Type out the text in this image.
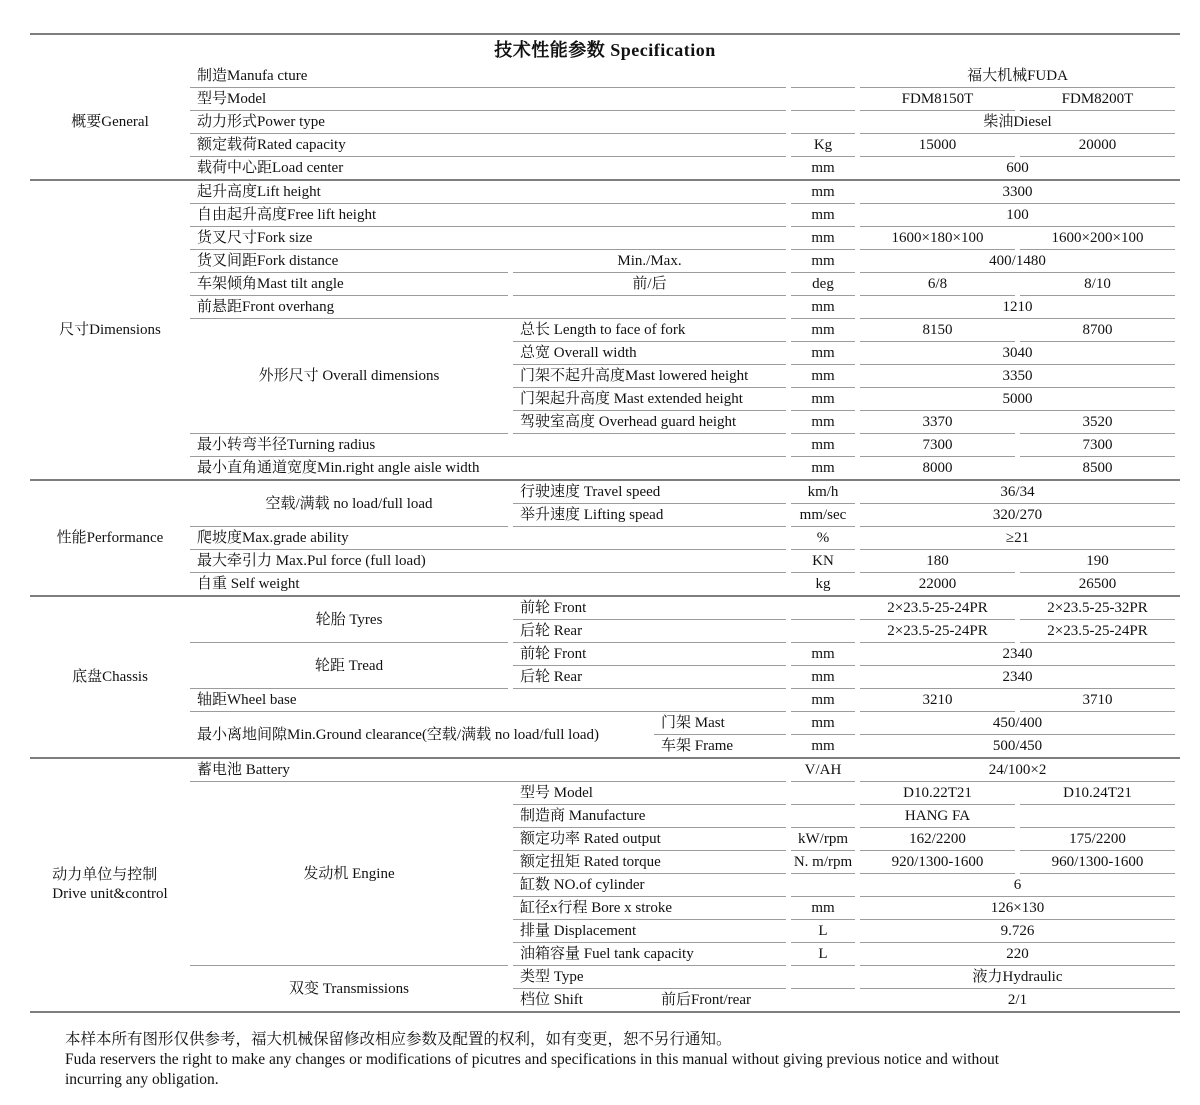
技术性能参数 Specification
概要General	制造Manufa cture		福大机械FUDA	
	型号Model		FDM8150T	FDM8200T
	动力形式Power type		柴油Diesel	
	额定载荷Rated capacity	Kg	15000	20000
	载荷中心距Load center	mm	600	
尺寸Dimensions	起升高度Lift height		mm	3300	
	自由起升高度Free lift height		mm	100	
	货叉尺寸Fork size		mm	1600×180×100	1600×200×100
	货叉间距Fork distance	Min./Max.	mm	400/1480	
	车架倾角Mast tilt angle	前/后	deg	6/8	8/10
	前悬距Front overhang		mm	1210	
	外形尺寸 Overall dimensions	总长 Length to face of fork	mm	8150	8700
		总宽 Overall width	mm	3040	
		门架不起升高度Mast lowered height	mm	3350	
		门架起升高度 Mast extended height	mm	5000	
		驾驶室高度 Overhead guard height	mm	3370	3520
	最小转弯半径Turning radius		mm	7300	7300
	最小直角通道宽度Min.right angle aisle width		mm	8000	8500
性能Performance	空载/满载 no load/full load	行驶速度 Travel speed	km/h	36/34	
		举升速度 Lifting spead	mm/sec	320/270	
	爬坡度Max.grade ability		%	≥21	
	最大牵引力 Max.Pul force (full load)		KN	180	190
	自重 Self weight		kg	22000	26500
底盘Chassis	轮胎 Tyres	前轮 Front			2×23.5-25-24PR	2×23.5-25-32PR
		后轮 Rear			2×23.5-25-24PR	2×23.5-25-24PR
	轮距 Tread	前轮 Front		mm	2340	
		后轮 Rear		mm	2340	
	轴距Wheel base			mm	3210	3710
	最小离地间隙Min.Ground clearance(空载/满载 no load/full load)		门架 Mast	mm	450/400	
			车架 Frame	mm	500/450	
动力单位与控制
Drive unit&control	蓄电池 Battery			V/AH	24/100×2	
	发动机 Engine	型号 Model			D10.22T21	D10.24T21
		制造商 Manufacture			HANG FA	
		额定功率 Rated output		kW/rpm	162/2200	175/2200
		额定扭矩 Rated torque		N. m/rpm	920/1300-1600	960/1300-1600
		缸数 NO.of cylinder			6	
		缸径x行程 Bore x stroke		mm	126×130	
		排量 Displacement		L	9.726	
		油箱容量 Fuel tank capacity		L	220	
	双变 Transmissions	类型 Type			液力Hydraulic	
		档位 Shift	前后Front/rear		2/1	
本样本所有图形仅供参考，福大机械保留修改相应参数及配置的权利，如有变更，恕不另行通知。
Fuda reservers the right to make any changes or modifications of picutres and specifications in this manual without giving previous notice and without
incurring any obligation.
